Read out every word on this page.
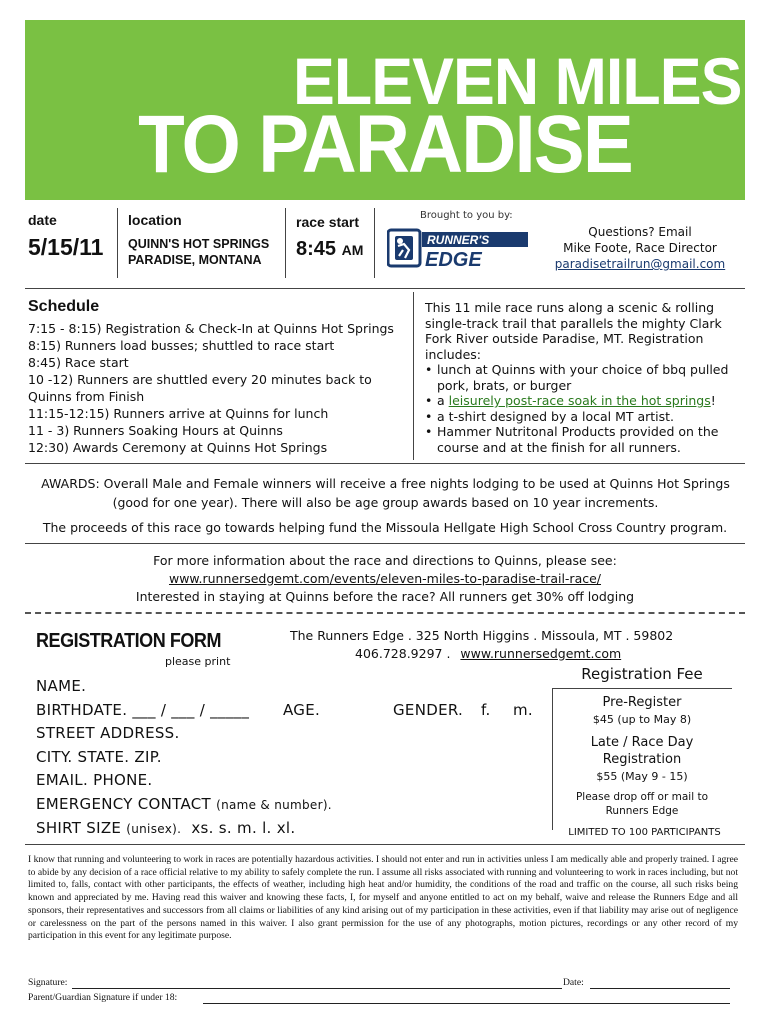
ELEVEN MILES
TO PARADISE
date
5/15/11
location
QUINN'S HOT SPRINGS
PARADISE, MONTANA
race start
8:45 AM
Brought to you by:
RUNNER'S
EDGE
Questions? Email
Mike Foote, Race Director
paradisetrailrun@gmail.com
Schedule
7:15 - 8:15) Registration & Check-In at Quinns Hot Springs
8:15) Runners load busses; shuttled to race start
8:45) Race start
10 -12) Runners are shuttled every 20 minutes back to
Quinns from Finish
11:15-12:15) Runners arrive at Quinns for lunch
11 - 3) Runners Soaking Hours at Quinns
12:30) Awards Ceremony at Quinns Hot Springs
This 11 mile race runs along a scenic & rolling single-track trail that parallels the mighty Clark Fork River outside Paradise, MT. Registration includes:
• lunch at Quinns with your choice of bbq pulled pork, brats, or burger
• a leisurely post-race soak in the hot springs!
• a t-shirt designed by a local MT artist.
• Hammer Nutritonal Products provided on the course and at the finish for all runners.
AWARDS: Overall Male and Female winners will receive a free nights lodging to be used at Quinns Hot Springs (good for one year). There will also be age group awards based on 10 year increments.
The proceeds of this race go towards helping fund the Missoula Hellgate High School Cross Country program.
For more information about the race and directions to Quinns, please see:
www.runnersedgemt.com/events/eleven-miles-to-paradise-trail-race/
Interested in staying at Quinns before the race? All runners get 30% off lodging
REGISTRATION FORM
please print
The Runners Edge . 325 North Higgins . Missoula, MT . 59802
406.728.9297 . www.runnersedgemt.com
NAME.
BIRTHDATE. ___ / ___ / _____ AGE.	GENDER. f. m.
STREET ADDRESS.
CITY. STATE. ZIP.
EMAIL. PHONE.
EMERGENCY CONTACT (name & number).
SHIRT SIZE (unisex). xs. s. m. l. xl.
Registration Fee
Pre-Register
$45 (up to May 8)
Late / Race Day
Registration
$55 (May 9 - 15)
Please drop off or mail to
Runners Edge
LIMITED TO 100 PARTICIPANTS
I know that running and volunteering to work in races are potentially hazardous activities. I should not enter and run in activities unless I am medically able and properly trained. I agree to abide by any decision of a race official relative to my ability to safely complete the run. I assume all risks associated with running and volunteering to work in races including, but not limited to, falls, contact with other participants, the effects of weather, including high heat and/or humidity, the conditions of the road and traffic on the course, all such risks being known and appreciated by me. Having read this waiver and knowing these facts, I, for myself and anyone entitled to act on my behalf, waive and release the Runners Edge and all sponsors, their representatives and successors from all claims or liabilities of any kind arising out of my participation in these activities, even if that liability may arise out of negligence or carelessness on the part of the persons named in this waiver. I also grant permission for the use of any photographs, motion pictures, recordings or any other record of my participation in this event for any legitimate purpose.
Signature:	Date:
Parent/Guardian Signature if under 18:
